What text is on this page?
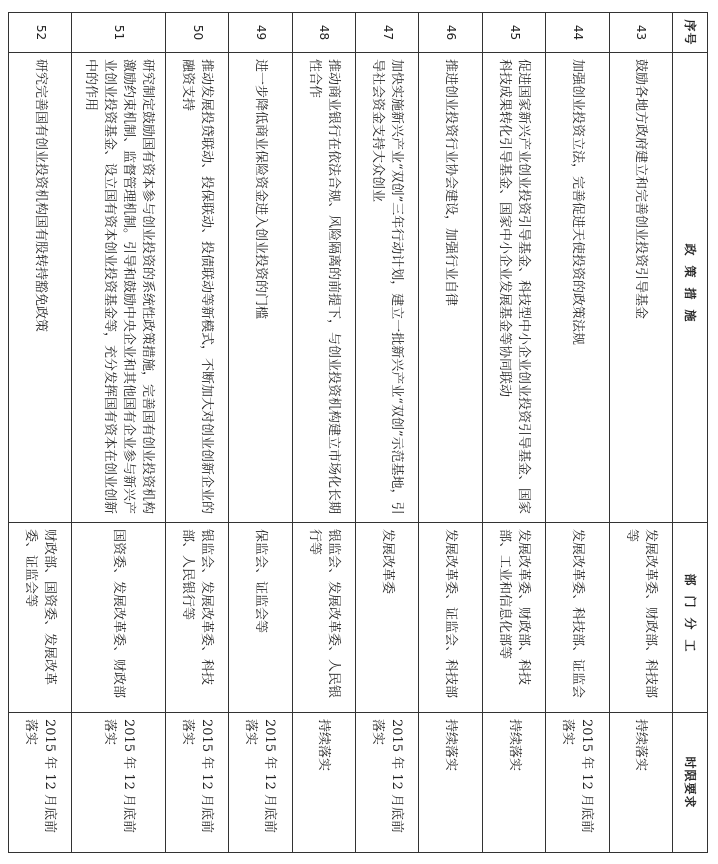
序号	政策措施	部门分工	时限要求
43	鼓励各地方政府建立和完善创业投资引导基金	发展改革委、财政部、科技部等	持续落实
44	加强创业投资立法，完善促进天使投资的政策法规	发展改革委、科技部、证监会	2015 年 12 月底前落实
45	促进国家新兴产业创业投资引导基金、科技型中小企业创业投资引导基金、国家科技成果转化引导基金、国家中小企业发展基金等协同联动	发展改革委、财政部、科技部、工业和信息化部等	持续落实
46	推进创业投资行业协会建设，加强行业自律	发展改革委、证监会、科技部	持续落实
47	加快实施新兴产业“双创”三年行动计划，建立一批新兴产业“双创”示范基地，引导社会资金支持大众创业	发展改革委	2015 年 12 月底前落实
48	推动商业银行在依法合规、风险隔离的前提下，与创业投资机构建立市场化长期性合作	银监会、发展改革委、人民银行等	持续落实
49	进一步降低商业保险资金进入创业投资的门槛	保监会、证监会等	2015 年 12 月底前落实
50	推动发展投贷联动、投保联动、投债联动等新模式，不断加大对创业创新企业的融资支持	银监会、发展改革委、科技部、人民银行等	2015 年 12 月底前落实
51	研究制定鼓励国有资本参与创业投资的系统性政策措施，完善国有创业投资机构激励约束机制、监督管理机制。引导和鼓励中央企业和其他国有企业参与新兴产业创业投资基金、设立国有资本创业投资基金等，充分发挥国有资本在创业创新中的作用	国资委、发展改革委、财政部	2015 年 12 月底前落实
52	研究完善国有创业投资机构国有股转持豁免政策	财政部、国资委、发展改革委、证监会等	2015 年 12 月底前落实
